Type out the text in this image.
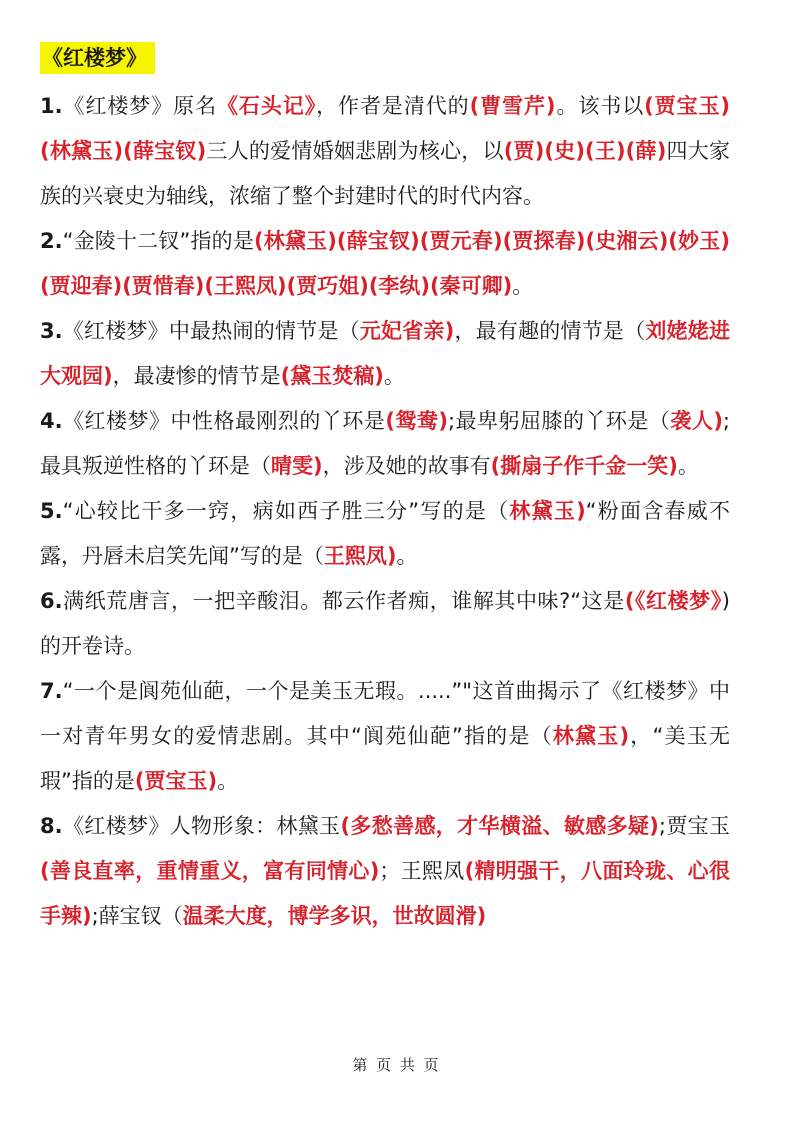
《红楼梦》

1.《红楼梦》原名《石头记》，作者是清代的(曹雪芹)。该书以(贾宝玉)(林黛玉)(薛宝钗)三人的爱情婚姻悲剧为核心，以(贾)(史)(王)(薛)四大家族的兴衰史为轴线，浓缩了整个封建时代的时代内容。

2.“金陵十二钗”指的是(林黛玉)(薛宝钗)(贾元春)(贾探春)(史湘云)(妙玉)(贾迎春)(贾惜春)(王熙凤)(贾巧姐)(李纨)(秦可卿)。

3.《红楼梦》中最热闹的情节是（元妃省亲)，最有趣的情节是（刘姥姥进大观园)，最凄惨的情节是(黛玉焚稿)。

4.《红楼梦》中性格最刚烈的丫环是(鸳鸯);最卑躬屈膝的丫环是（袭人);最具叛逆性格的丫环是（晴雯)，涉及她的故事有(撕扇子作千金一笑)。

5.“心较比干多一窍，病如西子胜三分”写的是（林黛玉)“粉面含春威不露，丹唇未启笑先闻”写的是（王熙凤)。

6.满纸荒唐言，一把辛酸泪。都云作者痴，谁解其中味?“这是(《红楼梦》)的开卷诗。

7.“一个是阆苑仙葩，一个是美玉无瑕。.....”"这首曲揭示了《红楼梦》中一对青年男女的爱情悲剧。其中“阆苑仙葩”指的是（林黛玉)，“美玉无瑕”指的是(贾宝玉)。

8.《红楼梦》人物形象：林黛玉(多愁善感，才华横溢、敏感多疑);贾宝玉(善良直率，重情重义，富有同情心)；王熙凤(精明强干，八面玲珑、心很手辣);薛宝钗（温柔大度，博学多识，世故圆滑)

第 页 共 页
